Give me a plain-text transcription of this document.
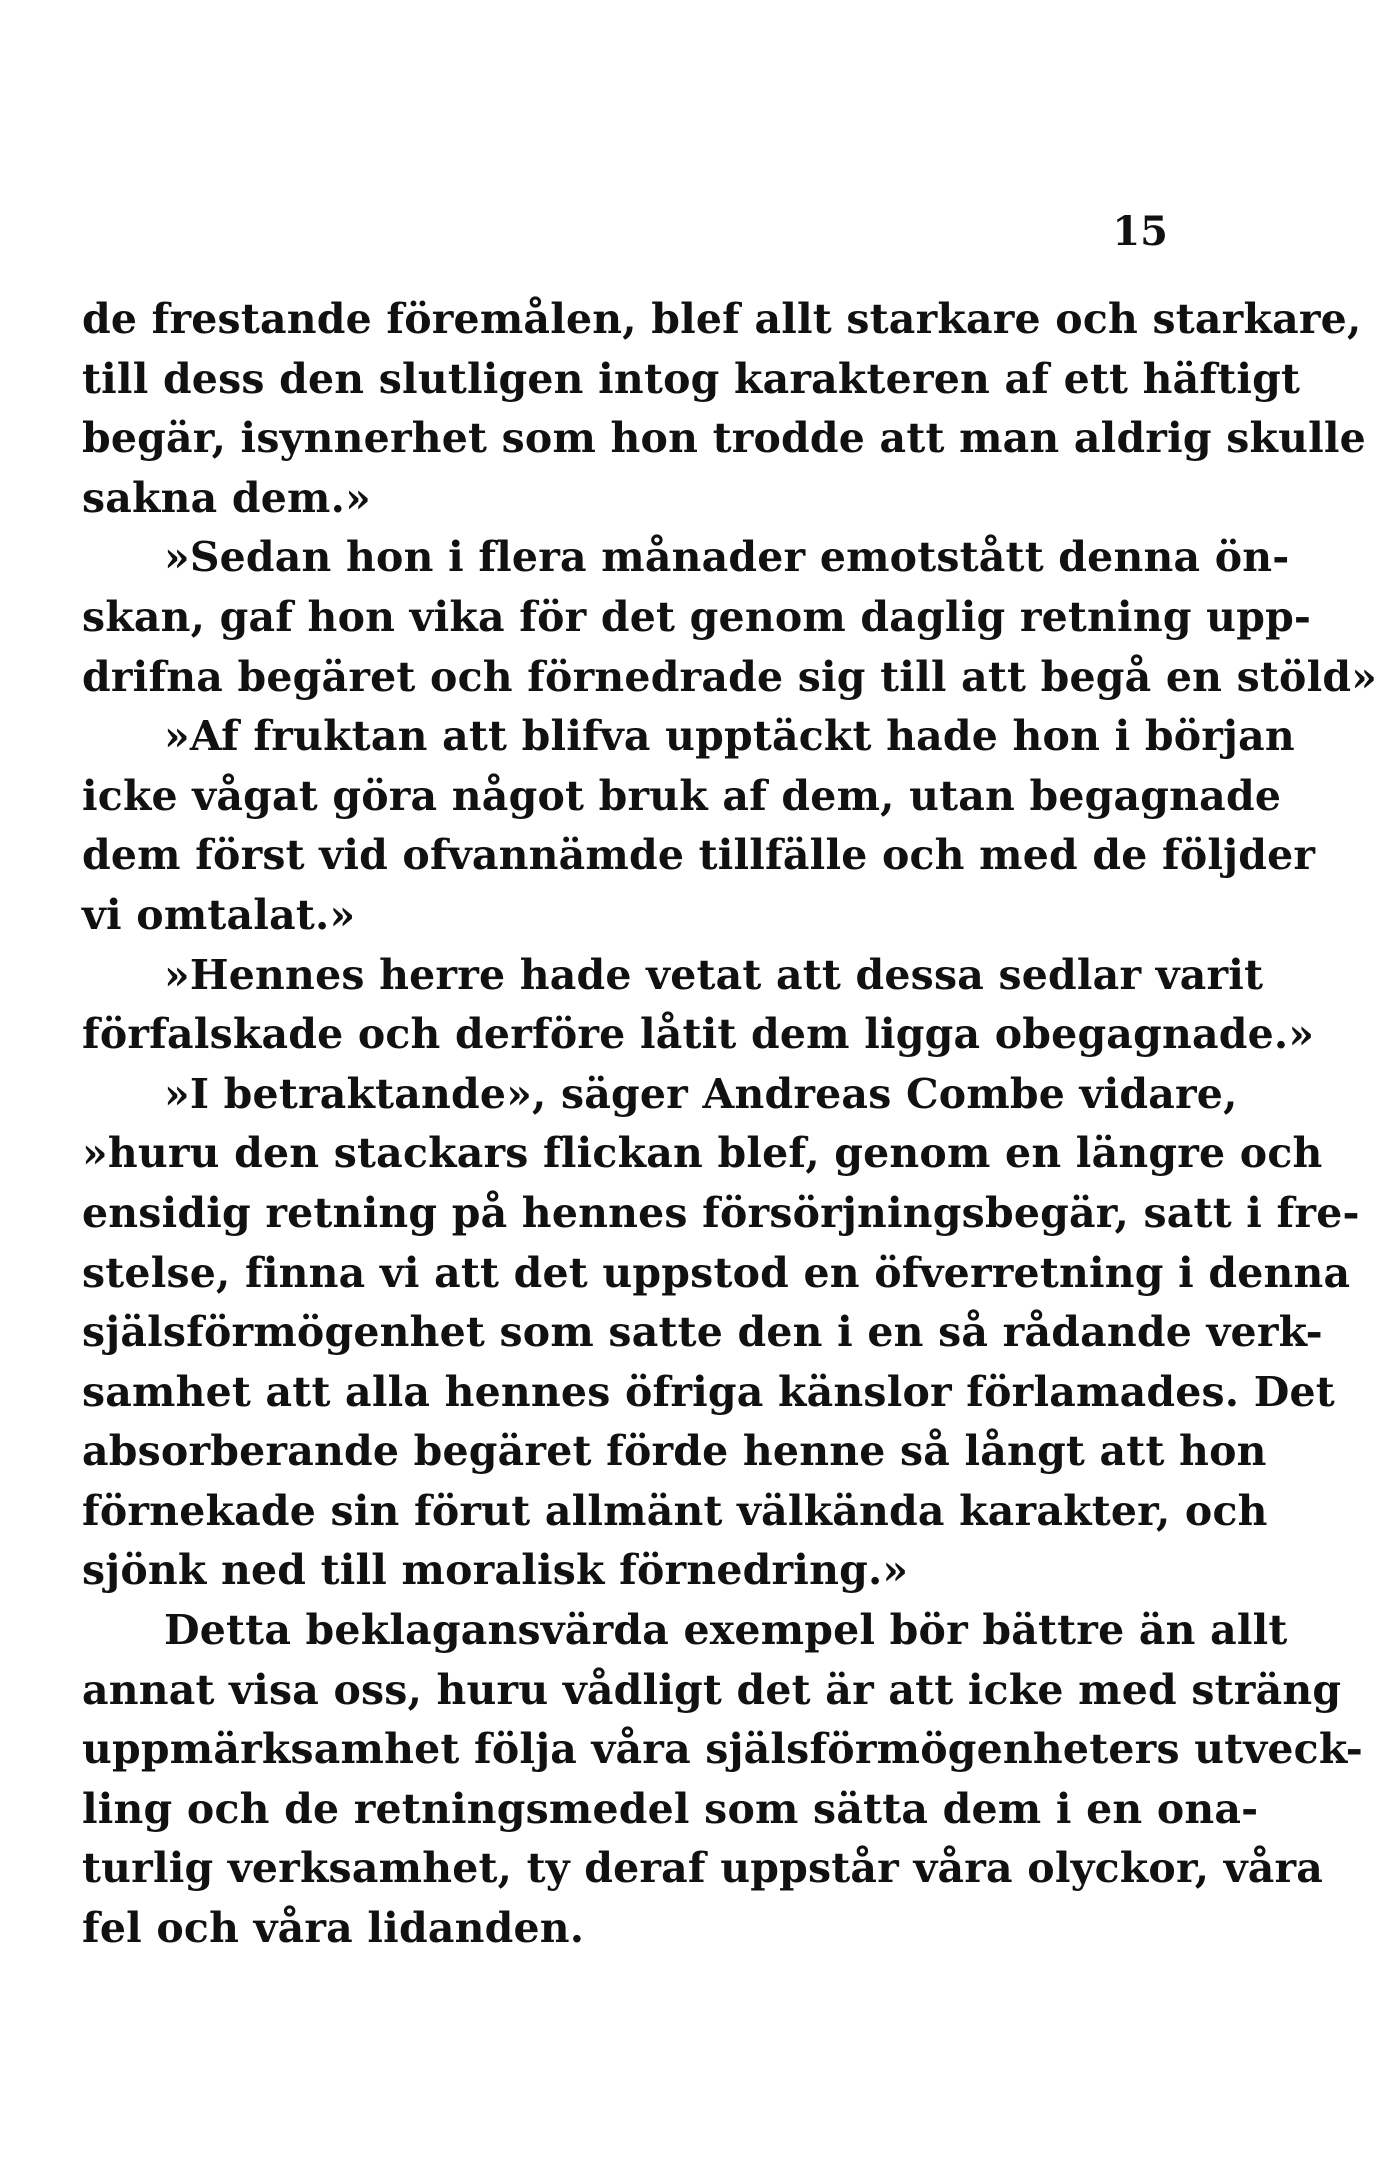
15
de frestande föremålen, blef allt starkare och starkare,
till dess den slutligen intog karakteren af ett häftigt
begär, isynnerhet som hon trodde att man aldrig skulle
sakna dem.»
»Sedan hon i flera månader emotstått denna ön-
skan, gaf hon vika för det genom daglig retning upp-
drifna begäret och förnedrade sig till att begå en stöld»
»Af fruktan att blifva upptäckt hade hon i början
icke vågat göra något bruk af dem, utan begagnade
dem först vid ofvannämde tillfälle och med de följder
vi omtalat.»
»Hennes herre hade vetat att dessa sedlar varit
förfalskade och derföre låtit dem ligga obegagnade.»
»I betraktande», säger Andreas Combe vidare,
»huru den stackars flickan blef, genom en längre och
ensidig retning på hennes försörjningsbegär, satt i fre-
stelse, finna vi att det uppstod en öfverretning i denna
själsförmögenhet som satte den i en så rådande verk-
samhet att alla hennes öfriga känslor förlamades. Det
absorberande begäret förde henne så långt att hon
förnekade sin förut allmänt välkända karakter, och
sjönk ned till moralisk förnedring.»
Detta beklagansvärda exempel bör bättre än allt
annat visa oss, huru vådligt det är att icke med sträng
uppmärksamhet följa våra själsförmögenheters utveck-
ling och de retningsmedel som sätta dem i en ona-
turlig verksamhet, ty deraf uppstår våra olyckor, våra
fel och våra lidanden.
